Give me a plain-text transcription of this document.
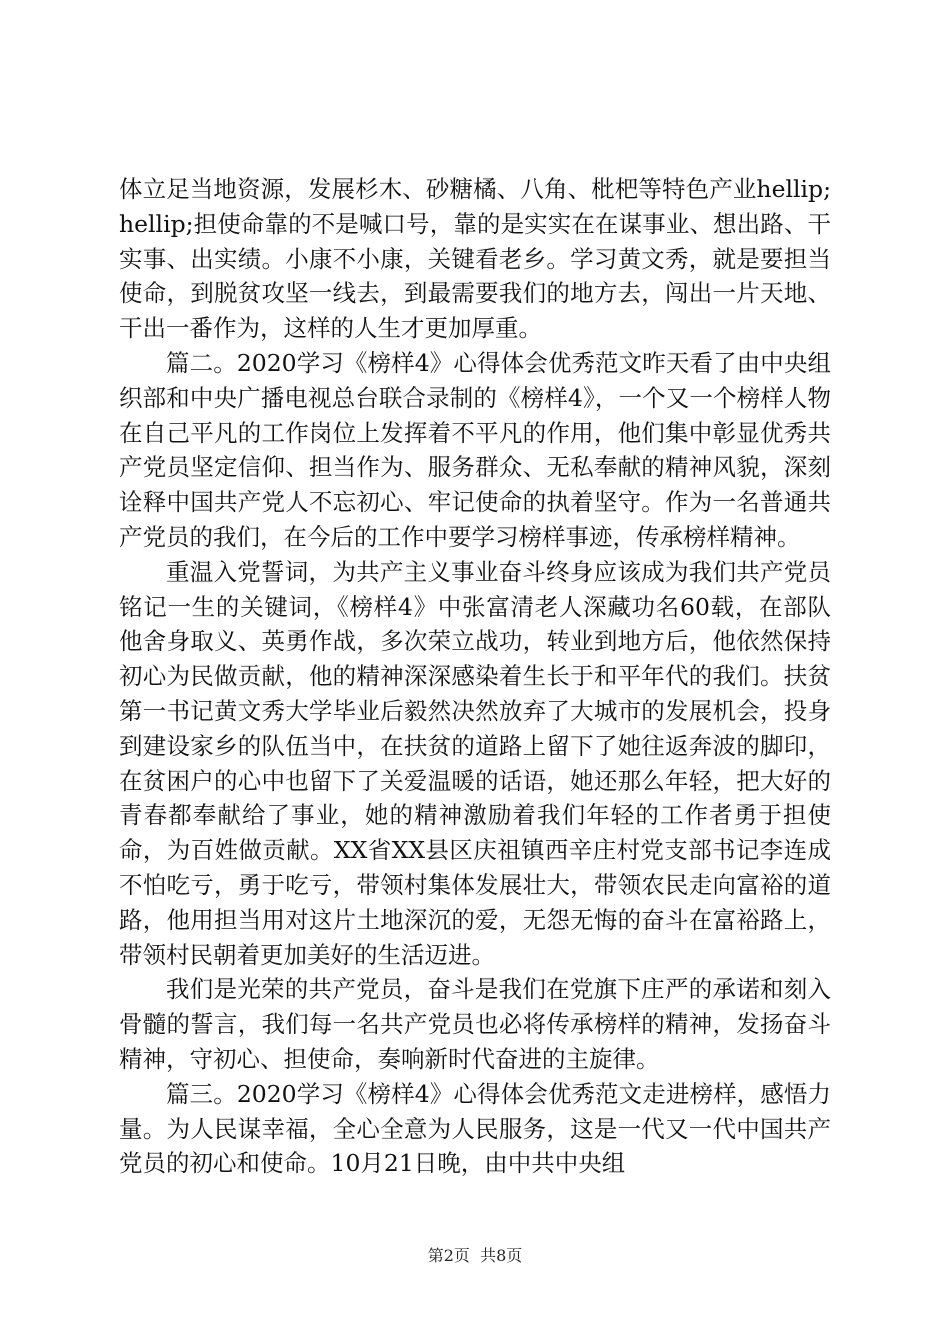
体立足当地资源，发展杉木、砂糖橘、八角、枇杷等特色产业hellip;hellip;担使命靠的不是喊口号，靠的是实实在在谋事业、想出路、干实事、出实绩。小康不小康，关键看老乡。学习黄文秀，就是要担当使命，到脱贫攻坚一线去，到最需要我们的地方去，闯出一片天地、干出一番作为，这样的人生才更加厚重。

篇二。2020学习《榜样4》心得体会优秀范文昨天看了由中央组织部和中央广播电视总台联合录制的《榜样4》，一个又一个榜样人物在自己平凡的工作岗位上发挥着不平凡的作用，他们集中彰显优秀共产党员坚定信仰、担当作为、服务群众、无私奉献的精神风貌，深刻诠释中国共产党人不忘初心、牢记使命的执着坚守。作为一名普通共产党员的我们，在今后的工作中要学习榜样事迹，传承榜样精神。

重温入党誓词，为共产主义事业奋斗终身应该成为我们共产党员铭记一生的关键词，《榜样4》中张富清老人深藏功名60载，在部队他舍身取义、英勇作战，多次荣立战功，转业到地方后，他依然保持初心为民做贡献，他的精神深深感染着生长于和平年代的我们。扶贫第一书记黄文秀大学毕业后毅然决然放弃了大城市的发展机会，投身到建设家乡的队伍当中，在扶贫的道路上留下了她往返奔波的脚印，在贫困户的心中也留下了关爱温暖的话语，她还那么年轻，把大好的青春都奉献给了事业，她的精神激励着我们年轻的工作者勇于担使命，为百姓做贡献。XX省XX县区庆祖镇西辛庄村党支部书记李连成不怕吃亏，勇于吃亏，带领村集体发展壮大，带领农民走向富裕的道路，他用担当用对这片土地深沉的爱，无怨无悔的奋斗在富裕路上，带领村民朝着更加美好的生活迈进。

我们是光荣的共产党员，奋斗是我们在党旗下庄严的承诺和刻入骨髓的誓言，我们每一名共产党员也必将传承榜样的精神，发扬奋斗精神，守初心、担使命，奏响新时代奋进的主旋律。

篇三。2020学习《榜样4》心得体会优秀范文走进榜样，感悟力量。为人民谋幸福，全心全意为人民服务，这是一代又一代中国共产党员的初心和使命。10月21日晚，由中共中央组

第2页  共8页
